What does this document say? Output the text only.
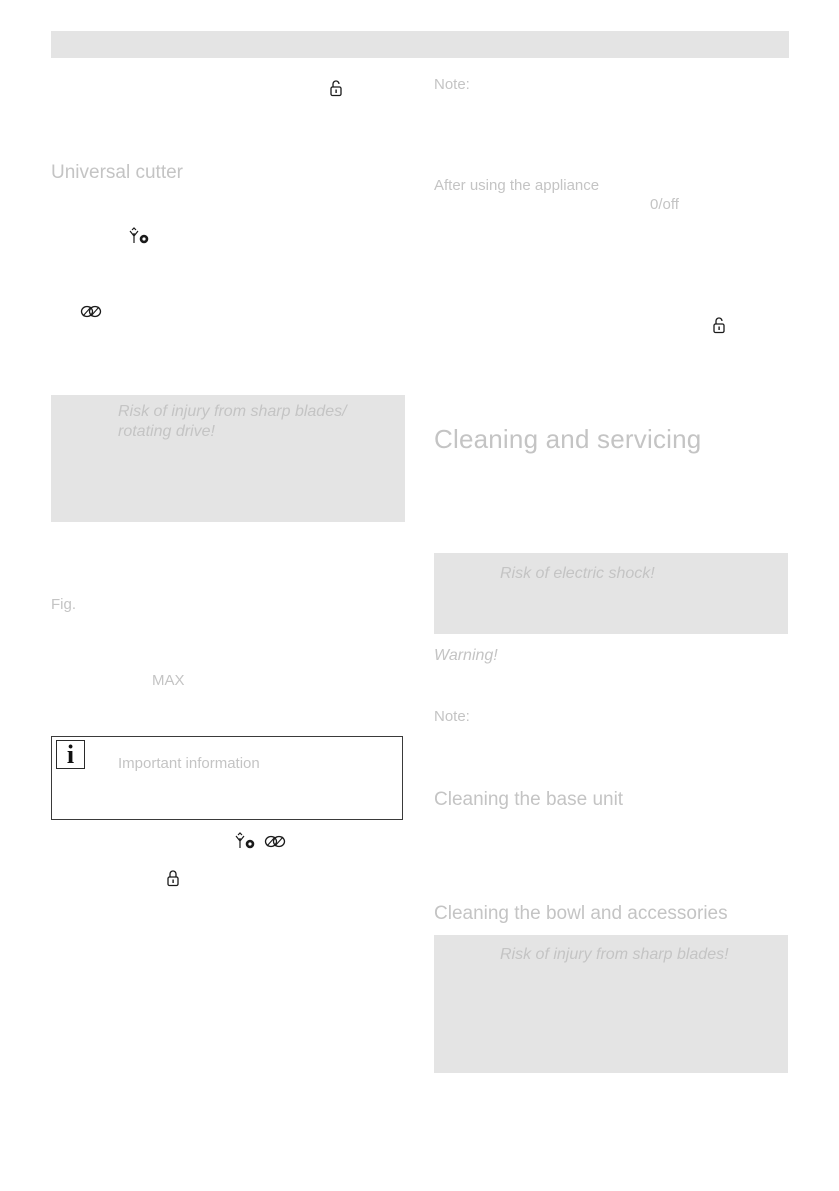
Universal cutter
Risk of injury from sharp blades/
rotating drive!
Fig.
MAX
i	Important information
Note:
After using the appliance
0/off
Cleaning and servicing
Risk of electric shock!
Warning!
Note:
Cleaning the base unit
Cleaning the bowl and accessories
Risk of injury from sharp blades!
